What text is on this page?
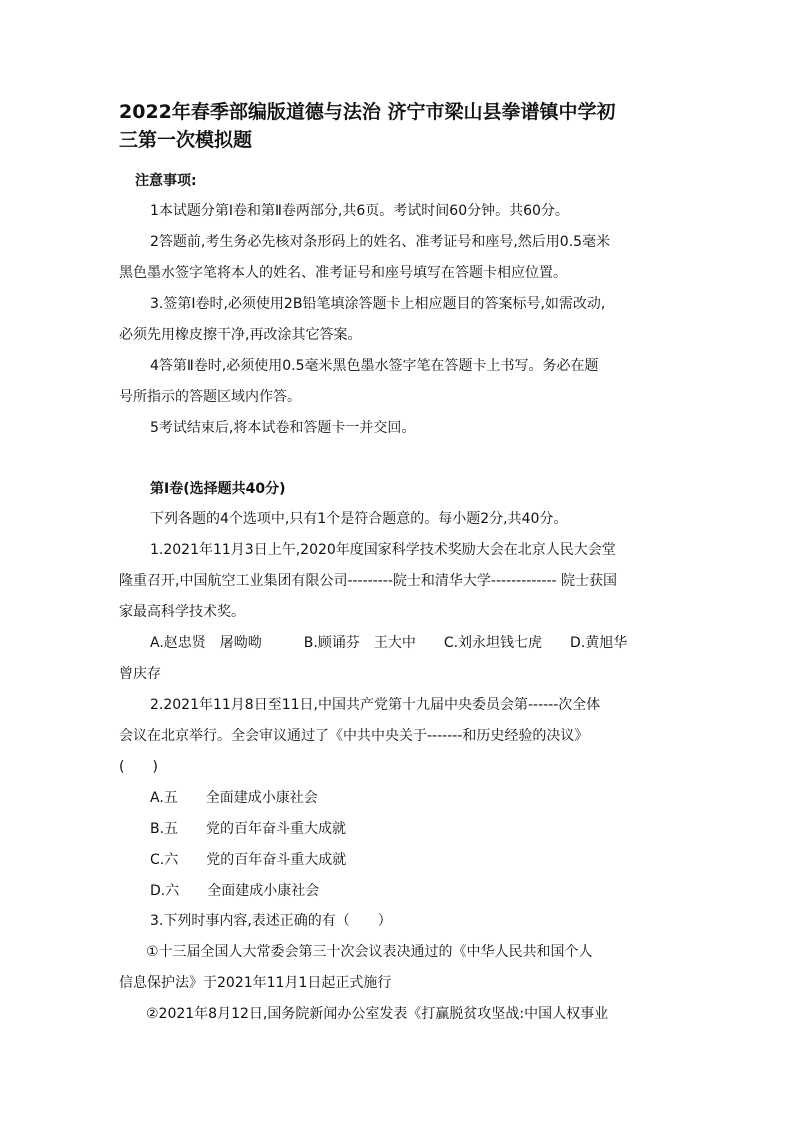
2022年春季部编版道德与法治 济宁市梁山县拳谱镇中学初
三第一次模拟题
注意事项:
1本试题分第I卷和第Ⅱ卷两部分,共6页。考试时间60分钟。共60分。
2答题前,考生务必先核对条形码上的姓名、准考证号和座号,然后用0.5毫米
黑色墨水签字笔将本人的姓名、准考证号和座号填写在答题卡相应位置。
3.签第I卷时,必须使用2B铅笔填涂答题卡上相应题目的答案标号,如需改动,
必须先用橡皮擦干净,再改涂其它答案。
4答第Ⅱ卷时,必须使用0.5毫米黑色墨水签字笔在答题卡上书写。务必在题
号所指示的答题区域内作答。
5考试结束后,将本试卷和答题卡一并交回。
第Ⅰ卷(选择题共40分)
下列各题的4个选项中,只有1个是符合题意的。每小题2分,共40分。
1.2021年11月3日上午,2020年度国家科学技术奖励大会在北京人民大会堂
隆重召开,中国航空工业集团有限公司---------院士和清华大学------------- 院士获国
家最高科学技术奖。
A.赵忠贤　屠呦呦　　　B.顾诵芬　王大中　　C.刘永坦钱七虎　　D.黄旭华
曾庆存
2.2021年11月8日至11日,中国共产党第十九届中央委员会第------次全体
会议在北京举行。全会审议通过了《中共中央关于-------和历史经验的决议》
(　　)
A.五　　全面建成小康社会
B.五　　党的百年奋斗重大成就
C.六　　党的百年奋斗重大成就
D.六　　全面建成小康社会
3.下列时事内容,表述正确的有（　　）
①十三届全国人大常委会第三十次会议表决通过的《中华人民共和国个人
信息保护法》于2021年11月1日起正式施行
②2021年8月12日,国务院新闻办公室发表《打赢脱贫攻坚战:中国人权事业
